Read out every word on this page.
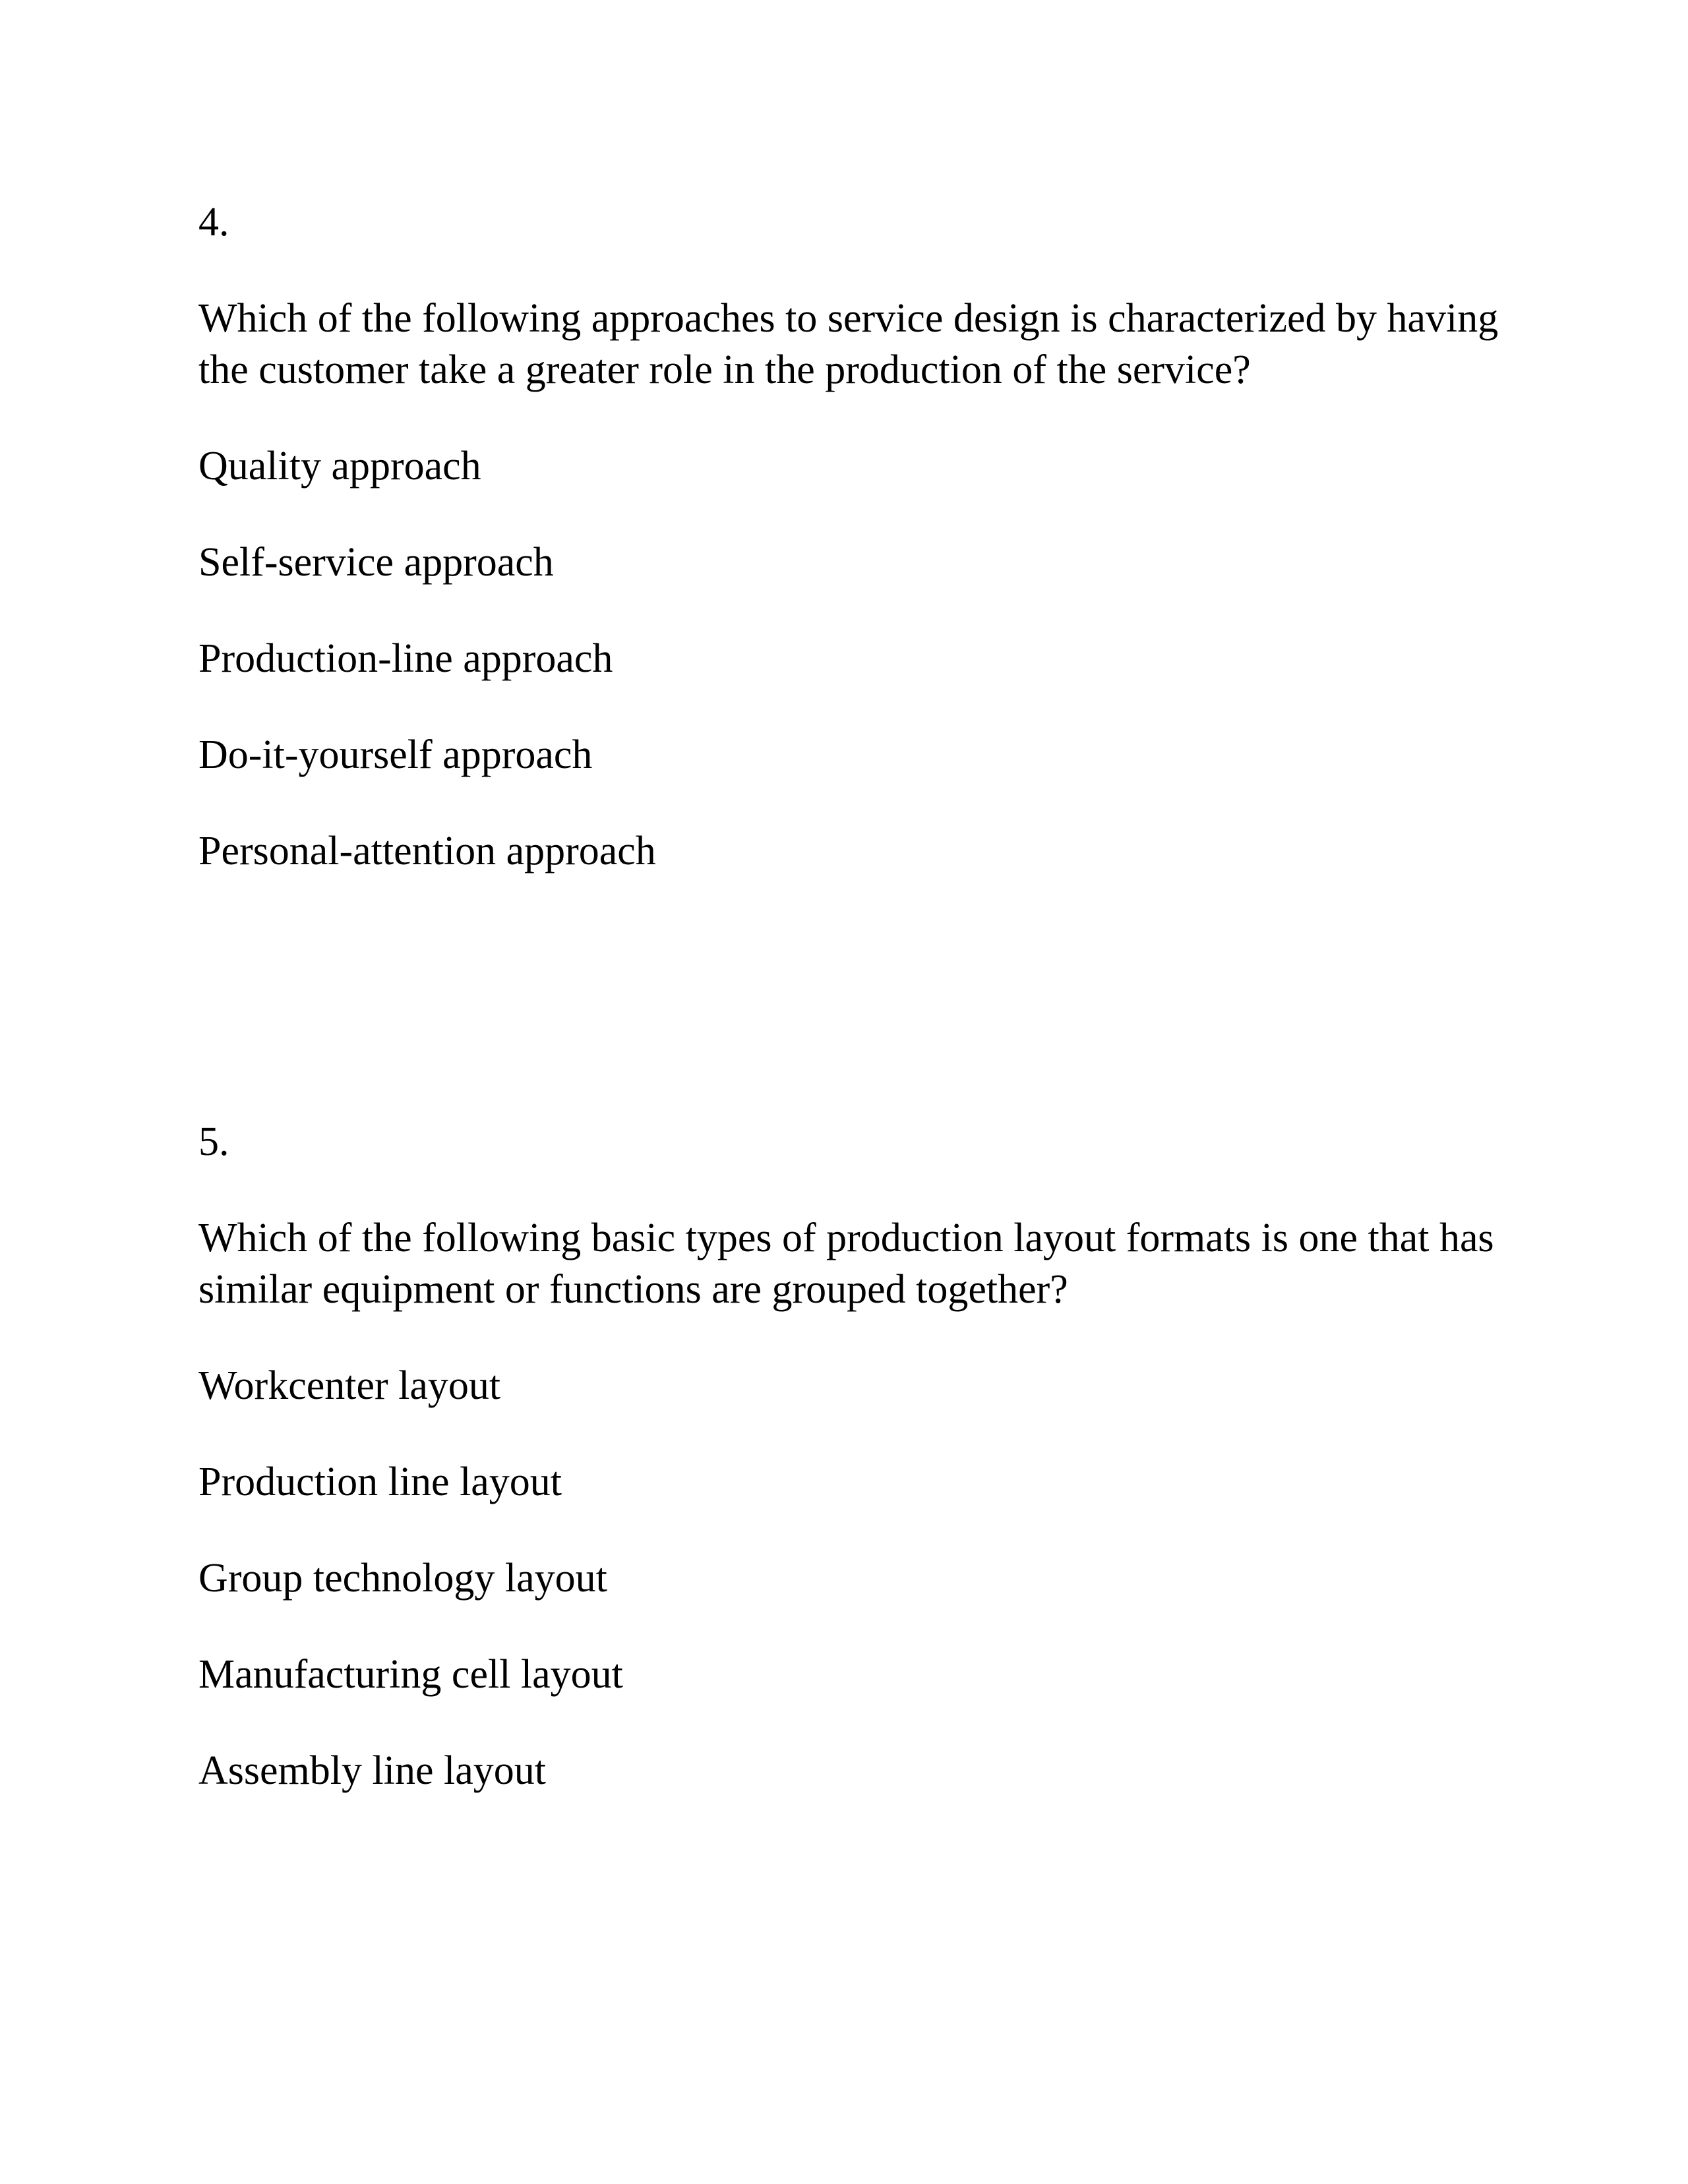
4.

Which of the following approaches to service design is characterized by having the customer take a greater role in the production of the service?

Quality approach
Self-service approach
Production-line approach
Do-it-yourself approach
Personal-attention approach

5.

Which of the following basic types of production layout formats is one that has similar equipment or functions are grouped together?

Workcenter layout
Production line layout
Group technology layout
Manufacturing cell layout
Assembly line layout
